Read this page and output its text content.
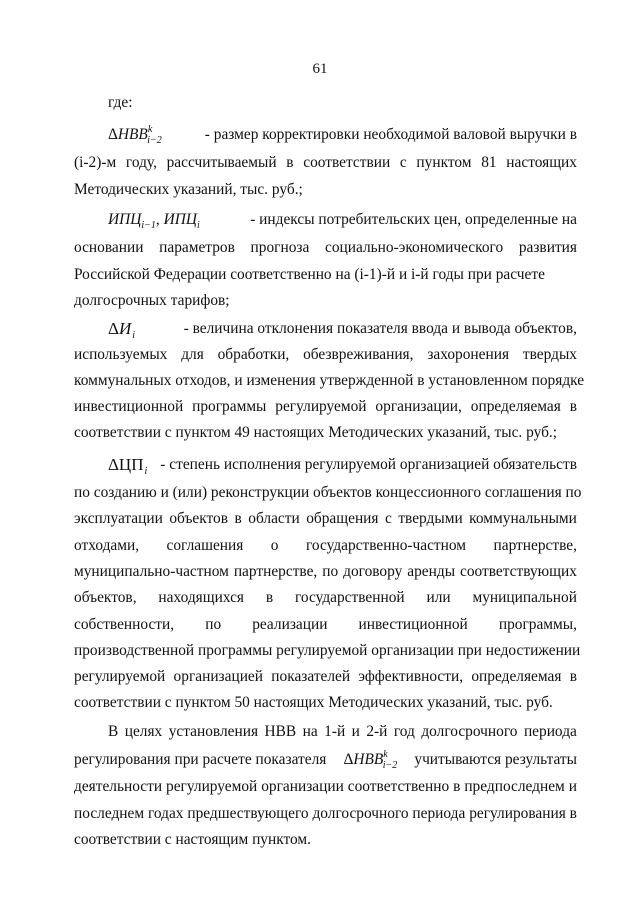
61
где:
$\Delta НВВ^k_{i-2}$	- размер корректировки необходимой валовой выручки в
(i-2)-м году, рассчитываемый в соответствии с пунктом 81 настоящих
Методических указаний, тыс. руб.;
$ИПЦ_{i-1}$, $ИПЦ_i$	- индексы потребительских цен, определенные на
основании параметров прогноза социально-экономического развития
Российской Федерации соответственно на (i-1)-й и i-й годы при расчете
долгосрочных тарифов;
$\Delta И_i$	- величина отклонения показателя ввода и вывода объектов,
используемых для обработки, обезвреживания, захоронения твердых
коммунальных отходов, и изменения утвержденной в установленном порядке
инвестиционной программы регулируемой организации, определяемая в
соответствии с пунктом 49 настоящих Методических указаний, тыс. руб.;
$\Delta ЦП_i$ - степень исполнения регулируемой организацией обязательств
по созданию и (или) реконструкции объектов концессионного соглашения по
эксплуатации объектов в области обращения с твердыми коммунальными
отходами, соглашения о государственно-частном партнерстве,
муниципально-частном партнерстве, по договору аренды соответствующих
объектов, находящихся в государственной или муниципальной
собственности, по реализации инвестиционной программы,
производственной программы регулируемой организации при недостижении
регулируемой организацией показателей эффективности, определяемая в
соответствии с пунктом 50 настоящих Методических указаний, тыс. руб.
В целях установления НВВ на 1-й и 2-й год долгосрочного периода
регулирования при расчете показателя $\Delta НВВ^k_{i-2}$ учитываются результаты
деятельности регулируемой организации соответственно в предпоследнем и
последнем годах предшествующего долгосрочного периода регулирования в
соответствии с настоящим пунктом.
